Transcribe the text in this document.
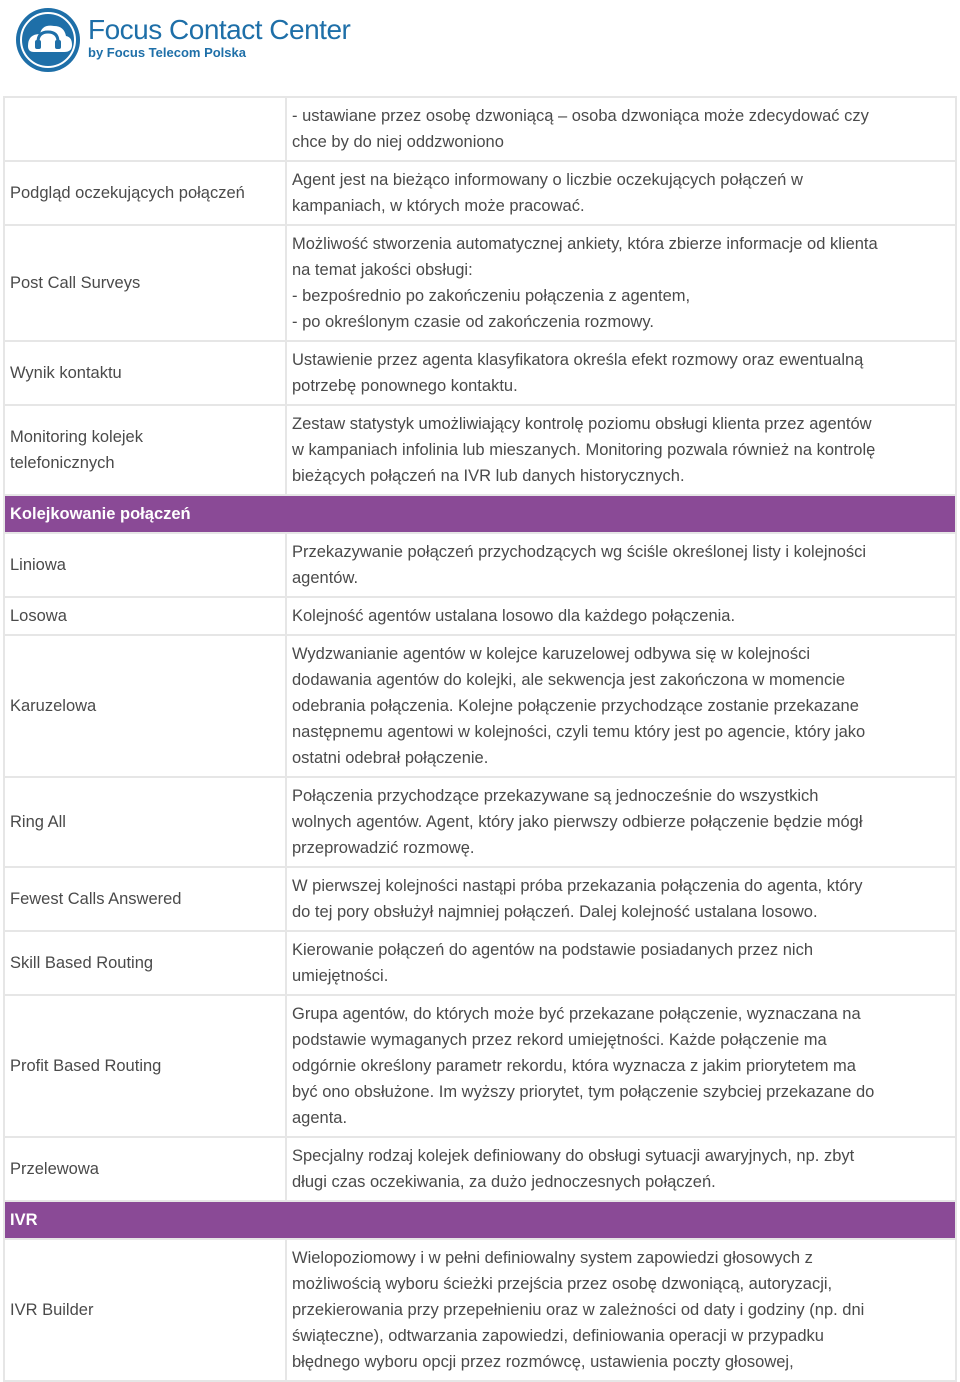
Focus Contact Center
by Focus Telecom Polska
	- ustawiane przez osobę dzwoniącą – osoba dzwoniąca może zdecydować czy
chce by do niej oddzwoniono
Podgląd oczekujących połączeń	Agent jest na bieżąco informowany o liczbie oczekujących połączeń w
kampaniach, w których może pracować.
Post Call Surveys	Możliwość stworzenia automatycznej ankiety, która zbierze informacje od klienta
na temat jakości obsługi:
- bezpośrednio po zakończeniu połączenia z agentem,
- po określonym czasie od zakończenia rozmowy.
Wynik kontaktu	Ustawienie przez agenta klasyfikatora określa efekt rozmowy oraz ewentualną
potrzebę ponownego kontaktu.
Monitoring kolejek
telefonicznych	Zestaw statystyk umożliwiający kontrolę poziomu obsługi klienta przez agentów
w kampaniach infolinia lub mieszanych. Monitoring pozwala również na kontrolę
bieżących połączeń na IVR lub danych historycznych.
Kolejkowanie połączeń	
Liniowa	Przekazywanie połączeń przychodzących wg ściśle określonej listy i kolejności
agentów.
Losowa	Kolejność agentów ustalana losowo dla każdego połączenia.
Karuzelowa	Wydzwanianie agentów w kolejce karuzelowej odbywa się w kolejności
dodawania agentów do kolejki, ale sekwencja jest zakończona w momencie
odebrania połączenia. Kolejne połączenie przychodzące zostanie przekazane
następnemu agentowi w kolejności, czyli temu który jest po agencie, który jako
ostatni odebrał połączenie.
Ring All	Połączenia przychodzące przekazywane są jednocześnie do wszystkich
wolnych agentów. Agent, który jako pierwszy odbierze połączenie będzie mógł
przeprowadzić rozmowę.
Fewest Calls Answered	W pierwszej kolejności nastąpi próba przekazania połączenia do agenta, który
do tej pory obsłużył najmniej połączeń. Dalej kolejność ustalana losowo.
Skill Based Routing	Kierowanie połączeń do agentów na podstawie posiadanych przez nich
umiejętności.
Profit Based Routing	Grupa agentów, do których może być przekazane połączenie, wyznaczana na
podstawie wymaganych przez rekord umiejętności. Każde połączenie ma
odgórnie określony parametr rekordu, która wyznacza z jakim priorytetem ma
być ono obsłużone. Im wyższy priorytet, tym połączenie szybciej przekazane do
agenta.
Przelewowa	Specjalny rodzaj kolejek definiowany do obsługi sytuacji awaryjnych, np. zbyt
długi czas oczekiwania, za dużo jednoczesnych połączeń.
IVR	
IVR Builder	Wielopoziomowy i w pełni definiowalny system zapowiedzi głosowych z
możliwością wyboru ścieżki przejścia przez osobę dzwoniącą, autoryzacji,
przekierowania przy przepełnieniu oraz w zależności od daty i godziny (np. dni
świąteczne), odtwarzania zapowiedzi, definiowania operacji w przypadku
błędnego wyboru opcji przez rozmówcę, ustawienia poczty głosowej,
